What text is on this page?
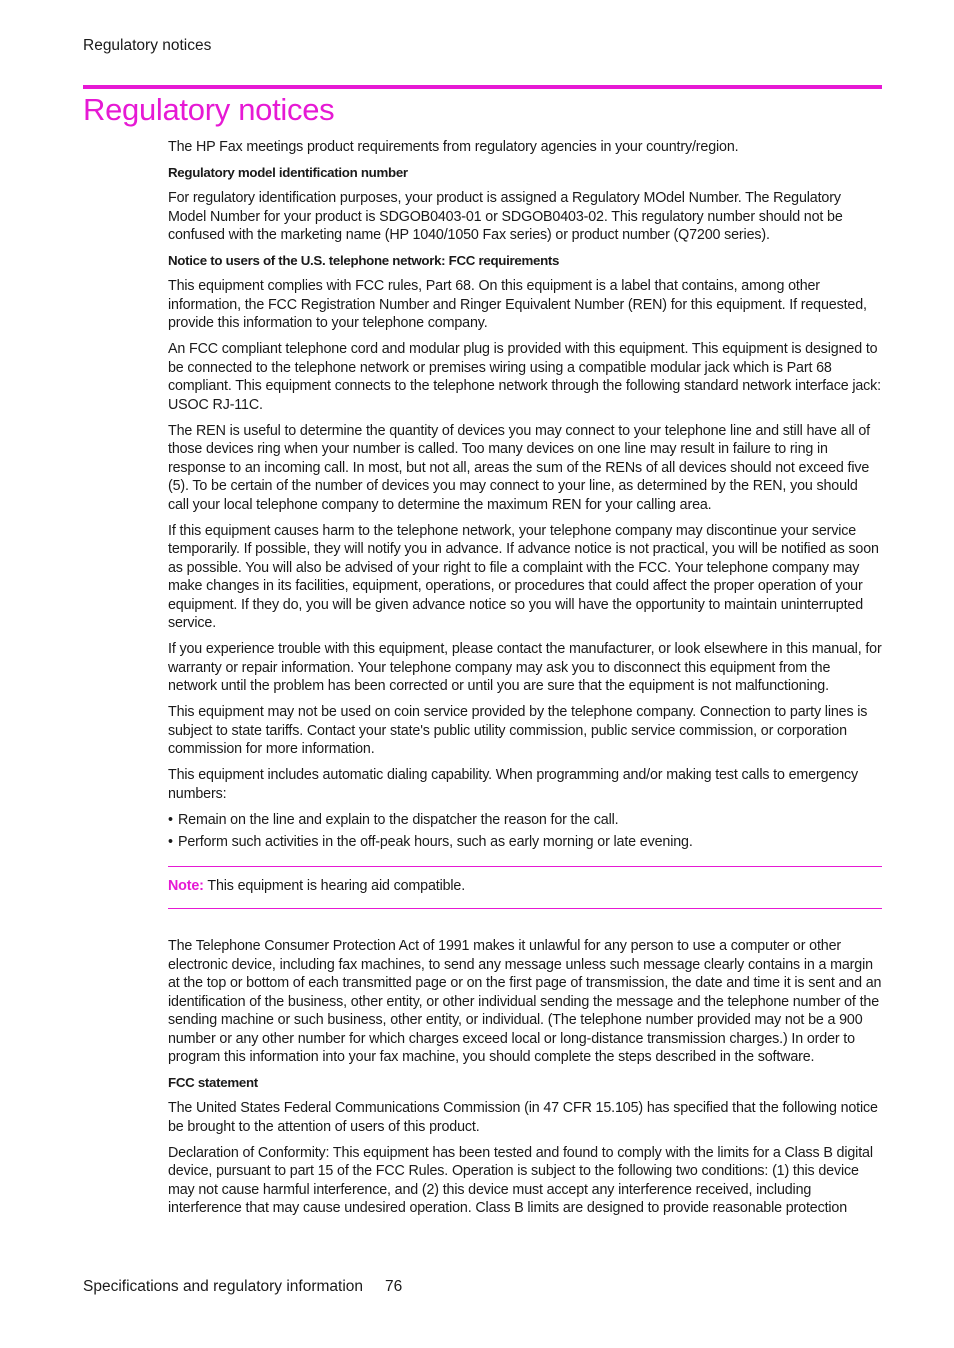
Regulatory notices
Regulatory notices

The HP Fax meetings product requirements from regulatory agencies in your country/region.

Regulatory model identification number

For regulatory identification purposes, your product is assigned a Regulatory MOdel Number. The Regulatory Model Number for your product is SDGOB0403-01 or SDGOB0403-02. This regulatory number should not be confused with the marketing name (HP 1040/1050 Fax series) or product number (Q7200 series).

Notice to users of the U.S. telephone network: FCC requirements

This equipment complies with FCC rules, Part 68. On this equipment is a label that contains, among other information, the FCC Registration Number and Ringer Equivalent Number (REN) for this equipment. If requested, provide this information to your telephone company.

An FCC compliant telephone cord and modular plug is provided with this equipment. This equipment is designed to be connected to the telephone network or premises wiring using a compatible modular jack which is Part 68 compliant. This equipment connects to the telephone network through the following standard network interface jack: USOC RJ-11C.

The REN is useful to determine the quantity of devices you may connect to your telephone line and still have all of those devices ring when your number is called. Too many devices on one line may result in failure to ring in response to an incoming call. In most, but not all, areas the sum of the RENs of all devices should not exceed five (5). To be certain of the number of devices you may connect to your line, as determined by the REN, you should call your local telephone company to determine the maximum REN for your calling area.

If this equipment causes harm to the telephone network, your telephone company may discontinue your service temporarily. If possible, they will notify you in advance. If advance notice is not practical, you will be notified as soon as possible. You will also be advised of your right to file a complaint with the FCC. Your telephone company may make changes in its facilities, equipment, operations, or procedures that could affect the proper operation of your equipment. If they do, you will be given advance notice so you will have the opportunity to maintain uninterrupted service.

If you experience trouble with this equipment, please contact the manufacturer, or look elsewhere in this manual, for warranty or repair information. Your telephone company may ask you to disconnect this equipment from the network until the problem has been corrected or until you are sure that the equipment is not malfunctioning.

This equipment may not be used on coin service provided by the telephone company. Connection to party lines is subject to state tariffs. Contact your state's public utility commission, public service commission, or corporation commission for more information.

This equipment includes automatic dialing capability. When programming and/or making test calls to emergency numbers:

• Remain on the line and explain to the dispatcher the reason for the call.
• Perform such activities in the off-peak hours, such as early morning or late evening.
Note: This equipment is hearing aid compatible.

The Telephone Consumer Protection Act of 1991 makes it unlawful for any person to use a computer or other electronic device, including fax machines, to send any message unless such message clearly contains in a margin at the top or bottom of each transmitted page or on the first page of transmission, the date and time it is sent and an identification of the business, other entity, or other individual sending the message and the telephone number of the sending machine or such business, other entity, or individual. (The telephone number provided may not be a 900 number or any other number for which charges exceed local or long-distance transmission charges.) In order to program this information into your fax machine, you should complete the steps described in the software.

FCC statement

The United States Federal Communications Commission (in 47 CFR 15.105) has specified that the following notice be brought to the attention of users of this product.

Declaration of Conformity: This equipment has been tested and found to comply with the limits for a Class B digital device, pursuant to part 15 of the FCC Rules. Operation is subject to the following two conditions: (1) this device may not cause harmful interference, and (2) this device must accept any interference received, including interference that may cause undesired operation. Class B limits are designed to provide reasonable protection

Specifications and regulatory information 76
